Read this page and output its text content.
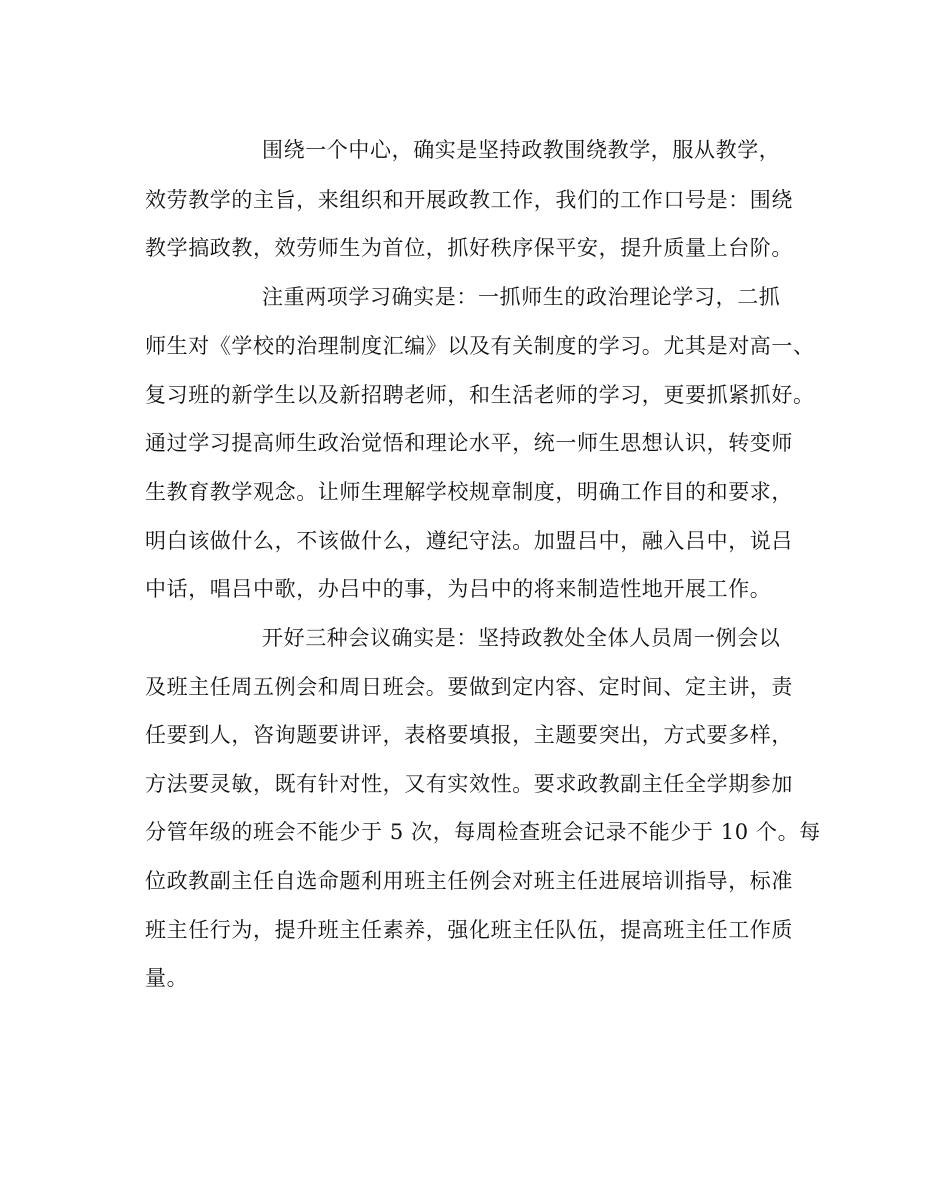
围绕一个中心，确实是坚持政教围绕教学，服从教学，
效劳教学的主旨，来组织和开展政教工作，我们的工作口号是：围绕
教学搞政教，效劳师生为首位，抓好秩序保平安，提升质量上台阶。
注重两项学习确实是：一抓师生的政治理论学习，二抓
师生对《学校的治理制度汇编》以及有关制度的学习。尤其是对高一、
复习班的新学生以及新招聘老师，和生活老师的学习，更要抓紧抓好。
通过学习提高师生政治觉悟和理论水平，统一师生思想认识，转变师
生教育教学观念。让师生理解学校规章制度，明确工作目的和要求，
明白该做什么，不该做什么，遵纪守法。加盟吕中，融入吕中，说吕
中话，唱吕中歌，办吕中的事，为吕中的将来制造性地开展工作。
开好三种会议确实是：坚持政教处全体人员周一例会以
及班主任周五例会和周日班会。要做到定内容、定时间、定主讲，责
任要到人，咨询题要讲评，表格要填报，主题要突出，方式要多样，
方法要灵敏，既有针对性，又有实效性。要求政教副主任全学期参加
分管年级的班会不能少于 5 次，每周检查班会记录不能少于 10 个。每
位政教副主任自选命题利用班主任例会对班主任进展培训指导，标准
班主任行为，提升班主任素养，强化班主任队伍，提高班主任工作质
量。
